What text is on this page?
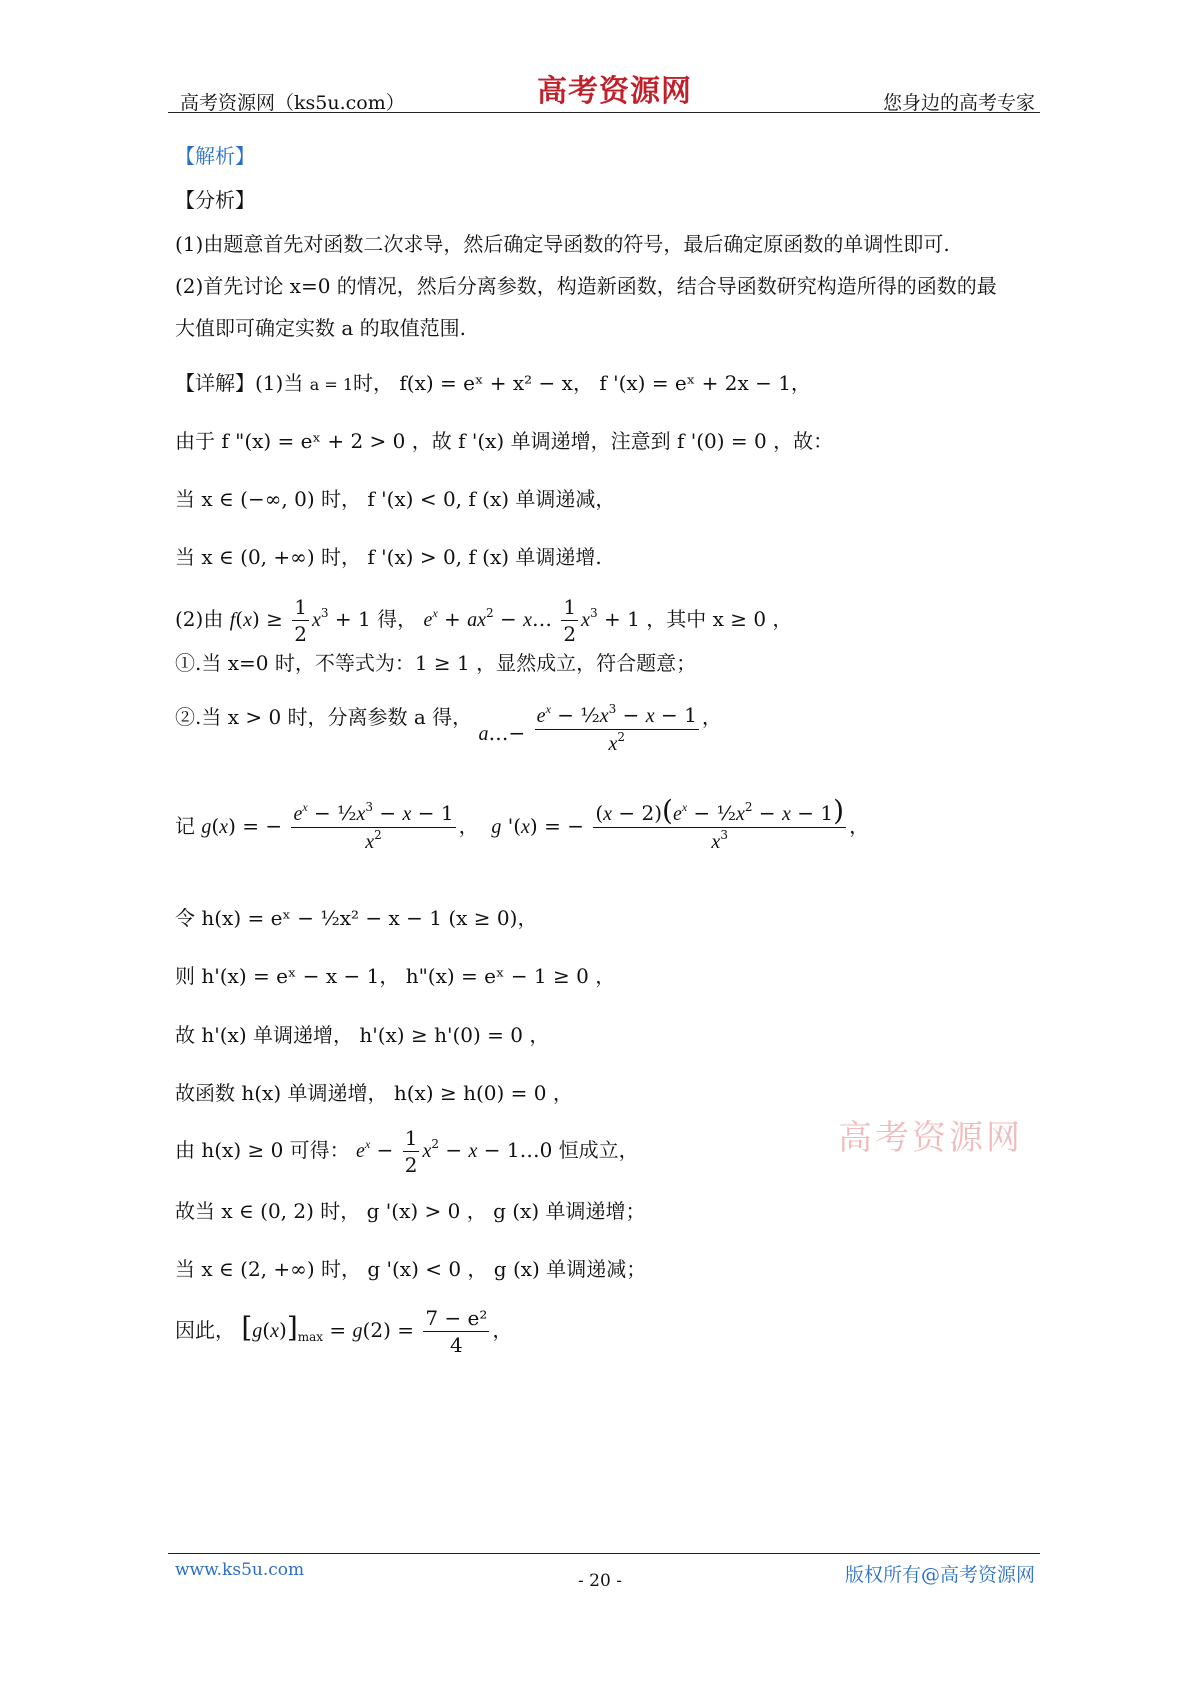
高考资源网（ks5u.com）	高考资源网	您身边的高考专家
高考资源网
【解析】
【分析】
(1)由题意首先对函数二次求导，然后确定导函数的符号，最后确定原函数的单调性即可.
(2)首先讨论 x=0 的情况，然后分离参数，构造新函数，结合导函数研究构造所得的函数的最
大值即可确定实数 a 的取值范围.
【详解】(1)当 a = 1时， f(x) = eˣ + x² − x， f '(x) = eˣ + 2x − 1，
由于 f "(x) = eˣ + 2 > 0 ，故 f '(x) 单调递增，注意到 f '(0) = 0 ，故：
当 x ∈ (−∞, 0) 时， f '(x) < 0, f (x) 单调递减，
当 x ∈ (0, +∞) 时， f '(x) > 0, f (x) 单调递增.
(2)由 $f(x) \ge \frac{1}{2} x^3 + 1$ 得， $e^x + ax^2$ − x… $\frac{1}{2} x^3 + 1$ ，其中 x ≥ 0 ，
①.当 x=0 时，不等式为：1 ≥ 1 ，显然成立，符合题意；
②.当 x > 0 时，分离参数 a 得， a…− $\frac{e^x - \frac{1}{2}x^3 - x - 1}{x^2}$ ，
记 g(x) = − $\frac{e^x - \frac{1}{2}x^3 - x - 1}{x^2}$ ，  g '(x) = − $\frac{(x - 2)(e^x - \frac{1}{2}x^2 - x - 1)}{x^3}$ ，
令 h(x) = eˣ − ½x² − x − 1 (x ≥ 0)，
则 h'(x) = eˣ − x − 1， h"(x) = eˣ − 1 ≥ 0 ，
故 h'(x) 单调递增， h'(x) ≥ h'(0) = 0 ，
故函数 h(x) 单调递增， h(x) ≥ h(0) = 0 ，
由 h(x) ≥ 0 可得： $e^x - \frac{1}{2} x^2 - x$ − 1…0 恒成立，
故当 x ∈ (0, 2) 时， g '(x) > 0 ， g (x) 单调递增；
当 x ∈ (2, +∞) 时， g '(x) < 0 ， g (x) 单调递减；
因此， $[g(x)]_{max} = g(2) = \frac{\text{7 − e²}}{4}$ ，
www.ks5u.com
- 20 -	版权所有@高考资源网
